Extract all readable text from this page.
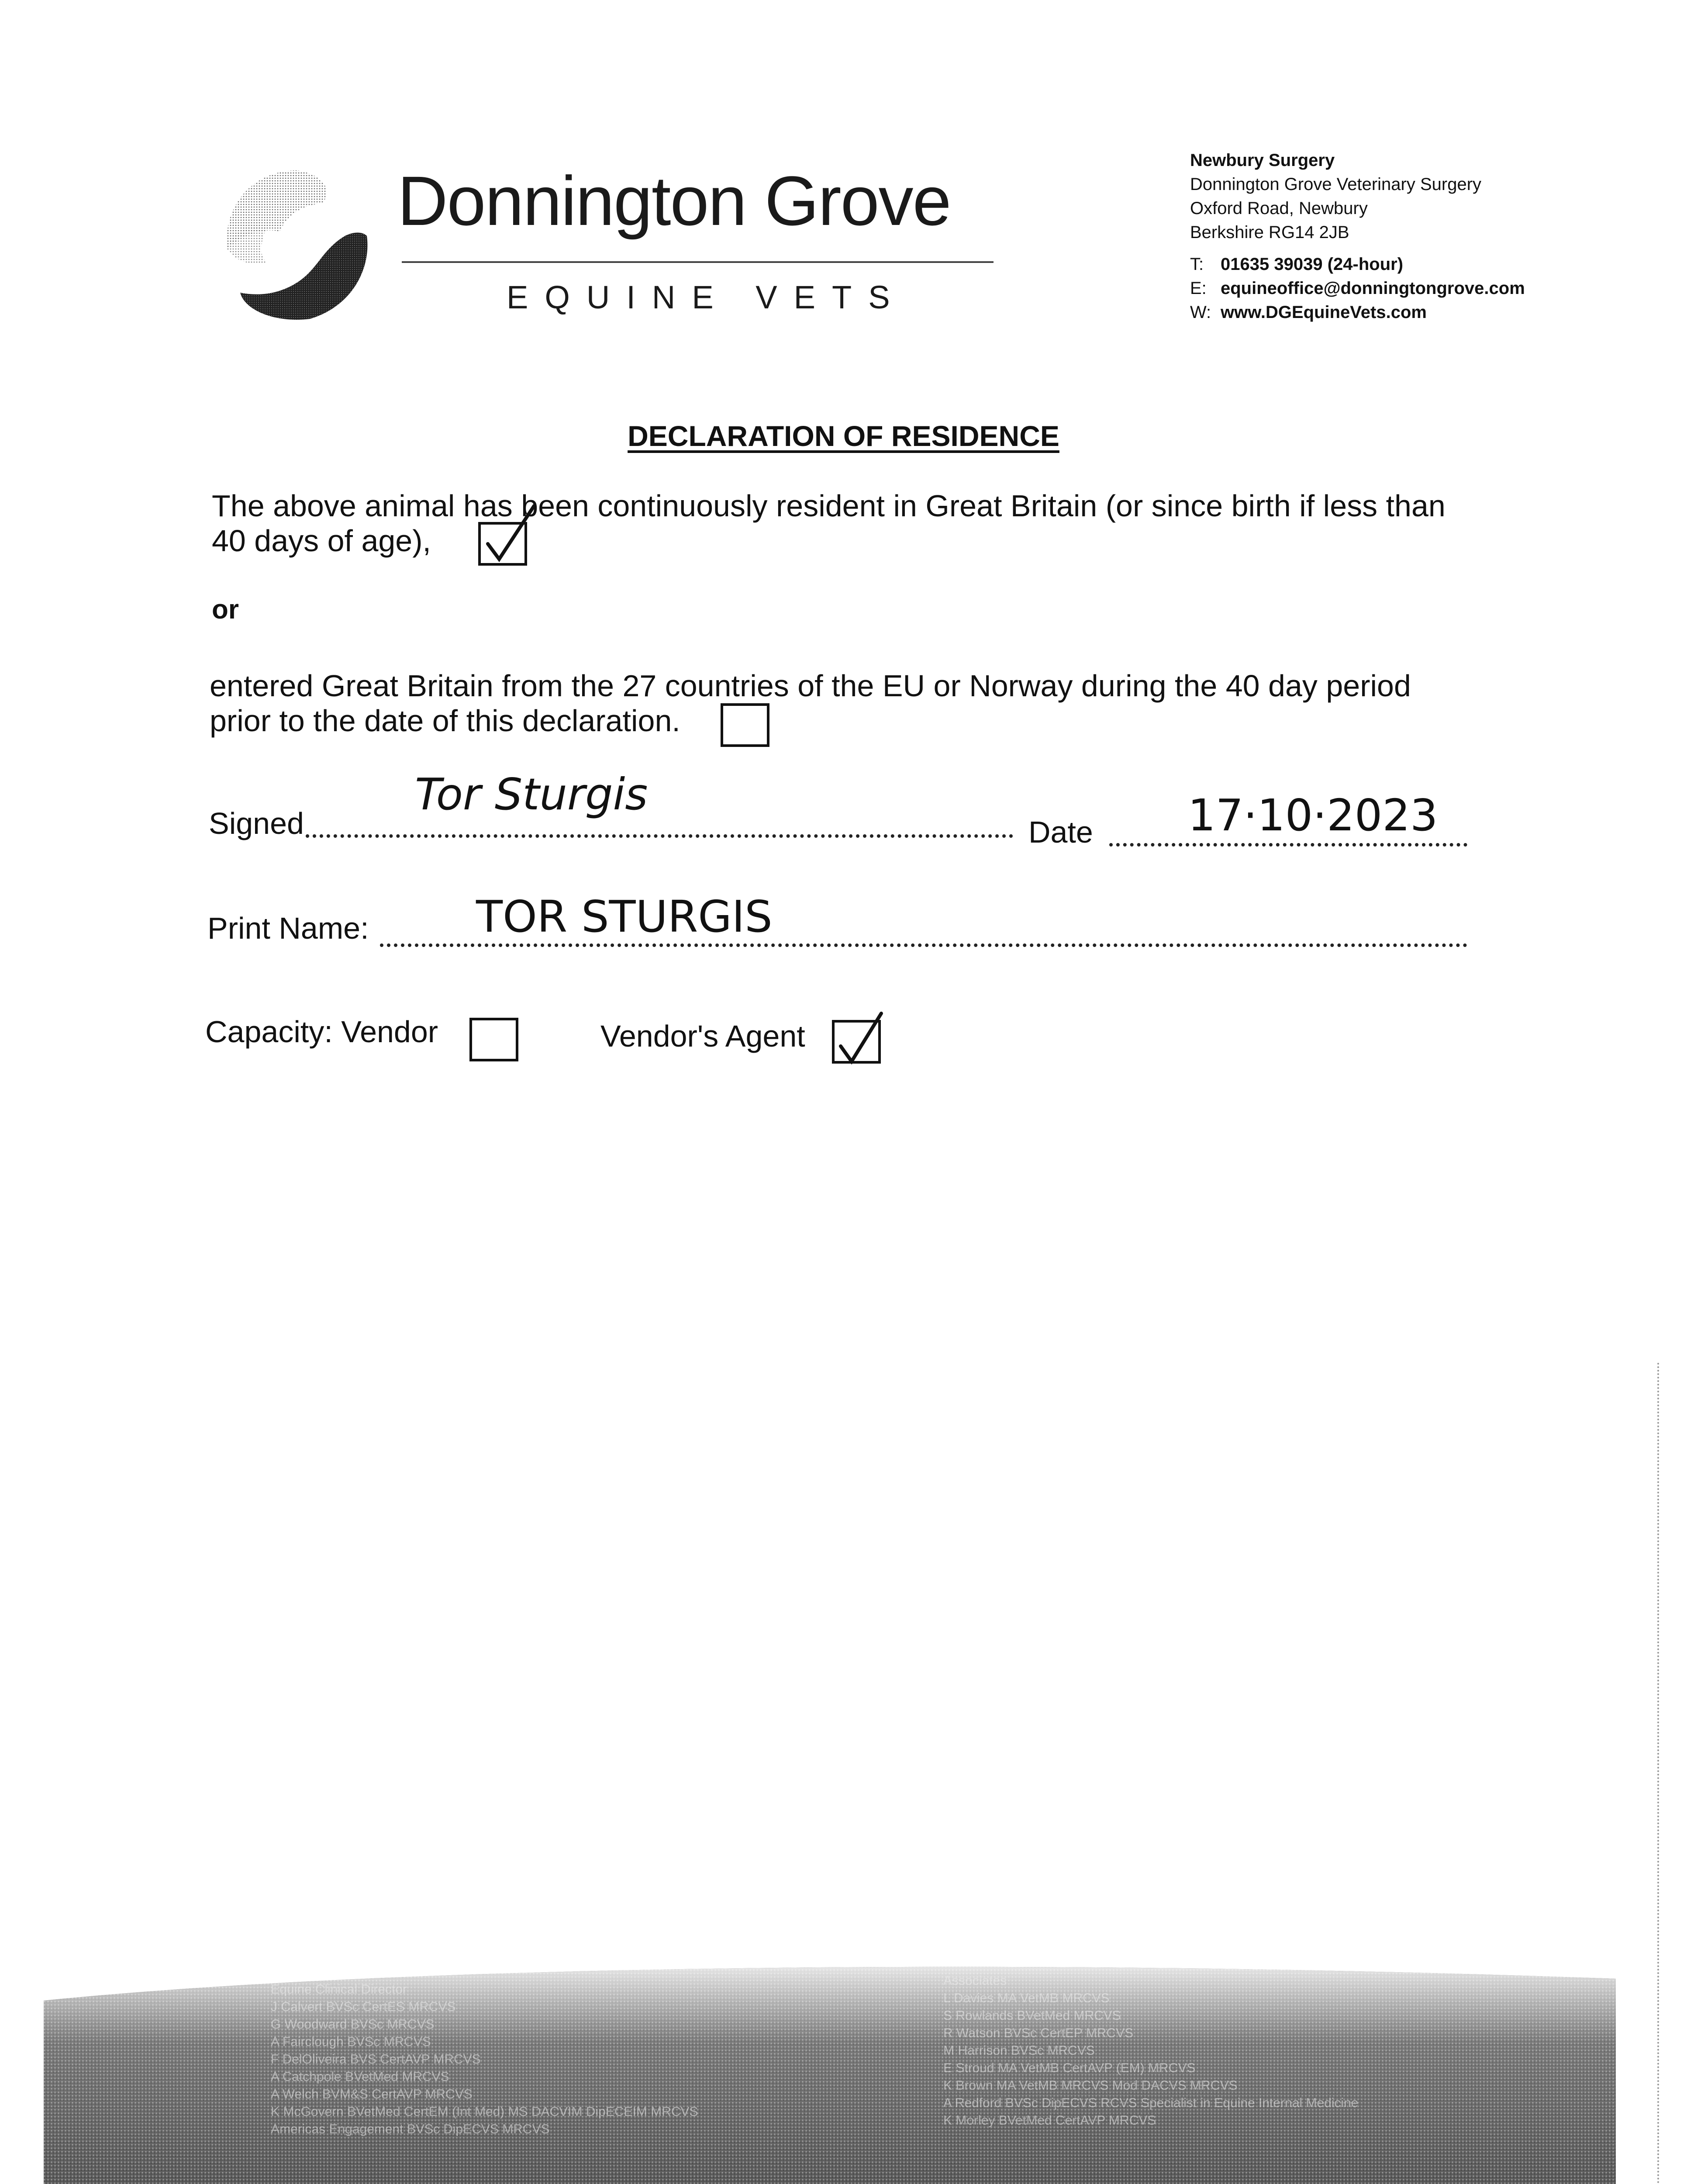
Donnington Grove
EQUINE VETS
Newbury Surgery
Donnington Grove Veterinary Surgery
Oxford Road, Newbury
Berkshire RG14 2JB
T: 01635 39039 (24-hour)
E: equineoffice@donningtongrove.com
W: www.DGEquineVets.com
DECLARATION OF RESIDENCE
The above animal has been continuously resident in Great Britain (or since birth if less than
40 days of age),
or
entered Great Britain from the 27 countries of the EU or Norway during the 40 day period
prior to the date of this declaration.
Signed
Tor Sturgis
Date 17·10·2023
Print Name: TOR STURGIS
Capacity: Vendor	Vendor's Agent
Equine Clinical Director
J Calvert BVSc CertES MRCVS
G Woodward BVSc MRCVS
A Fairclough BVSc MRCVS
F DelOliveira BVS CertAVP MRCVS
A Catchpole BVetMed MRCVS
A Welch BVM&S CertAVP MRCVS
K McGovern BVetMed CertEM (Int Med) MS DACVIM DipECEIM MRCVS
Americas Engagement BVSc DipECVS MRCVS
Associates
L Davies MA VetMB MRCVS
S Rowlands BVetMed MRCVS
R Watson BVSc CertEP MRCVS
M Harrison BVSc MRCVS
E Stroud MA VetMB CertAVP (EM) MRCVS
K Brown MA VetMB MRCVS Mod DACVS MRCVS
A Redford BVSc DipECVS RCVS Specialist in Equine Internal Medicine
K Morley BVetMed CertAVP MRCVS
